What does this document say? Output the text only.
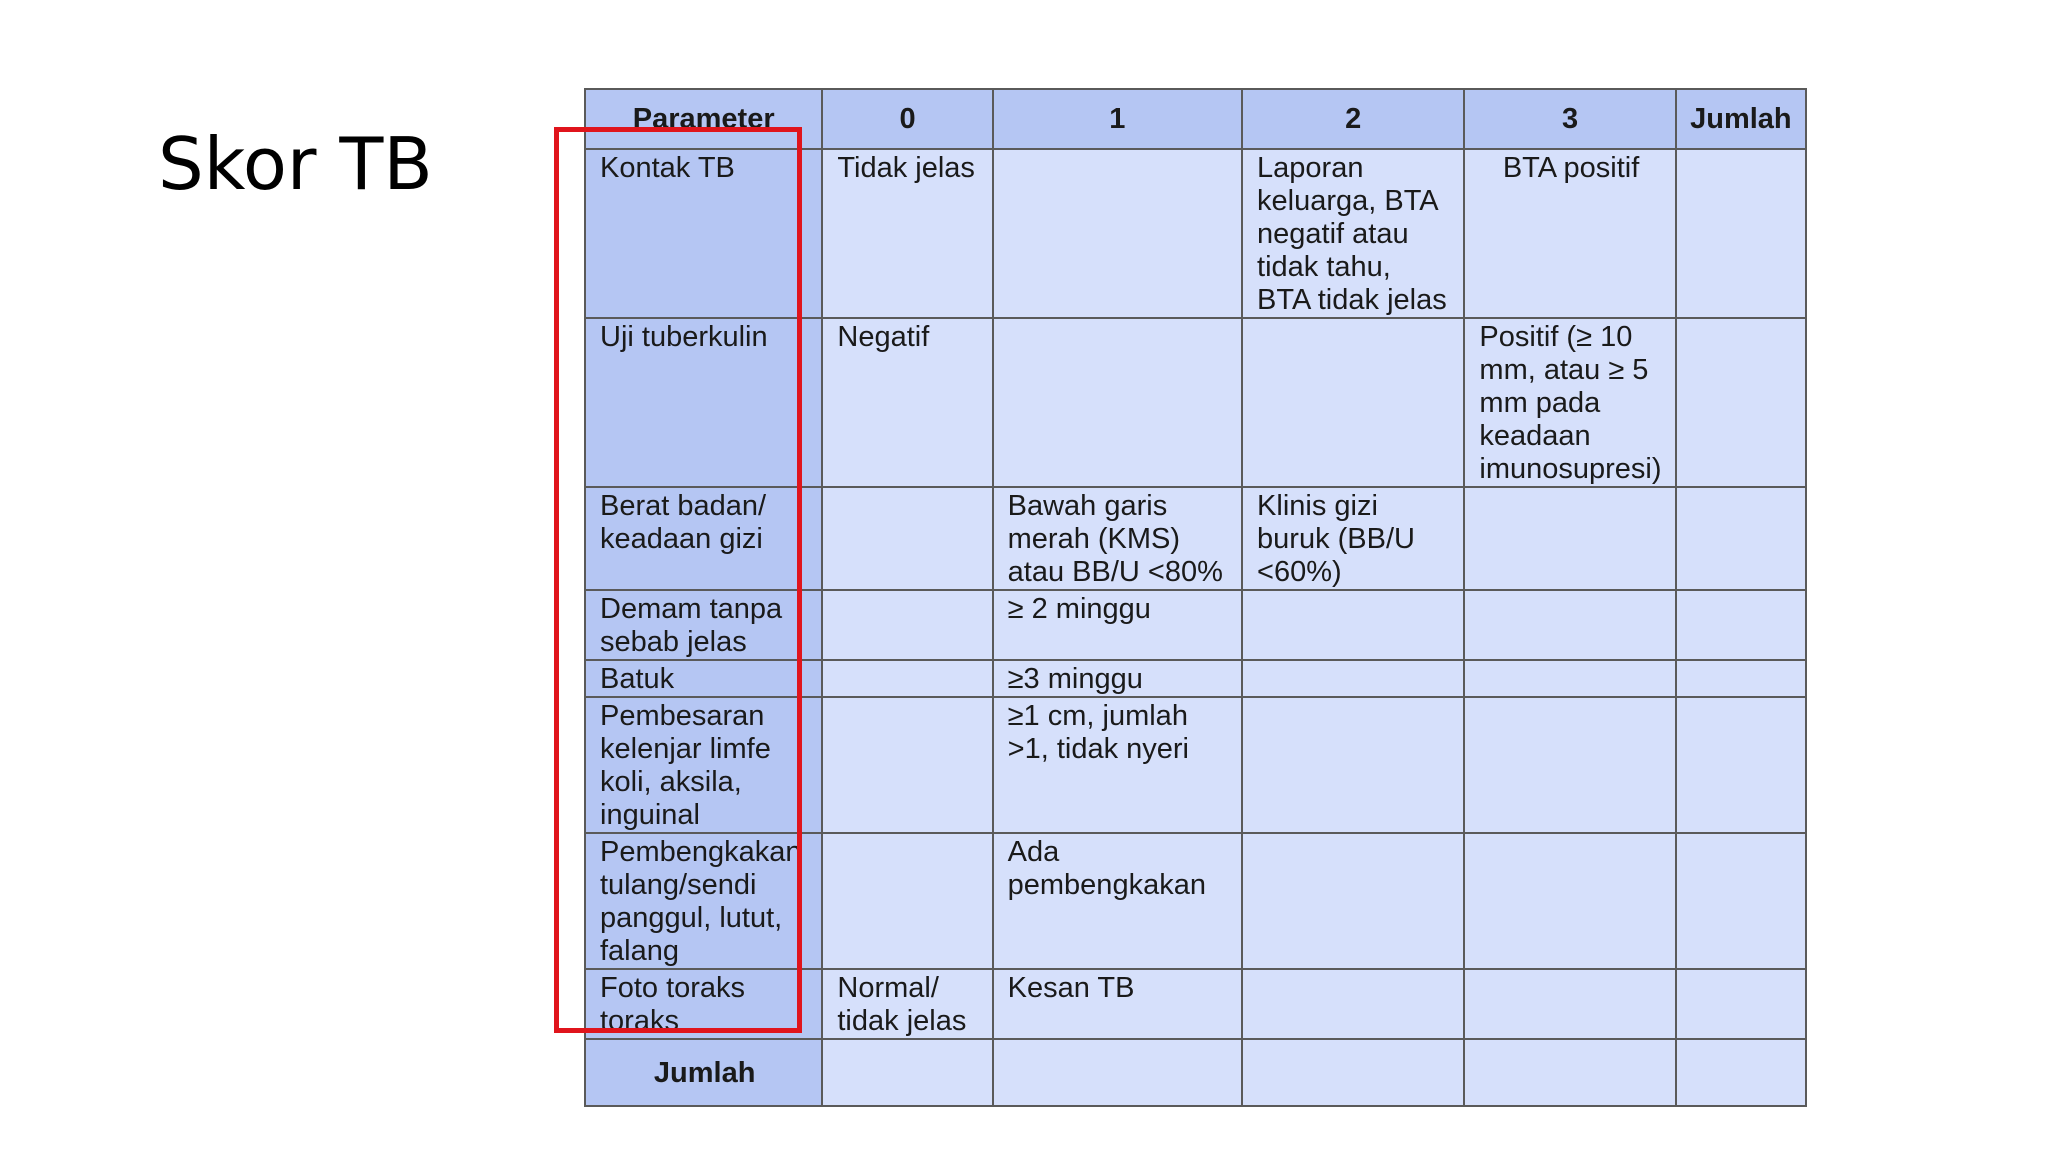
Skor TB
Parameter	0	1	2	3	Jumlah
Kontak TB	Tidak jelas		Laporan keluarga, BTA negatif atau tidak tahu, BTA tidak jelas	BTA positif	
Uji tuberkulin	Negatif			Positif (≥ 10 mm, atau ≥ 5 mm pada keadaan imunosupresi)	
Berat badan/ keadaan gizi		Bawah garis merah (KMS) atau BB/U <80%	Klinis gizi buruk (BB/U <60%)		
Demam tanpa sebab jelas		≥ 2 minggu			
Batuk		≥3 minggu			
Pembesaran kelenjar limfe koli, aksila, inguinal		≥1 cm, jumlah >1, tidak nyeri			
Pembengkakan tulang/sendi panggul, lutut, falang		Ada pembengkakan			
Foto toraks toraks	Normal/ tidak jelas	Kesan TB			
Jumlah					
